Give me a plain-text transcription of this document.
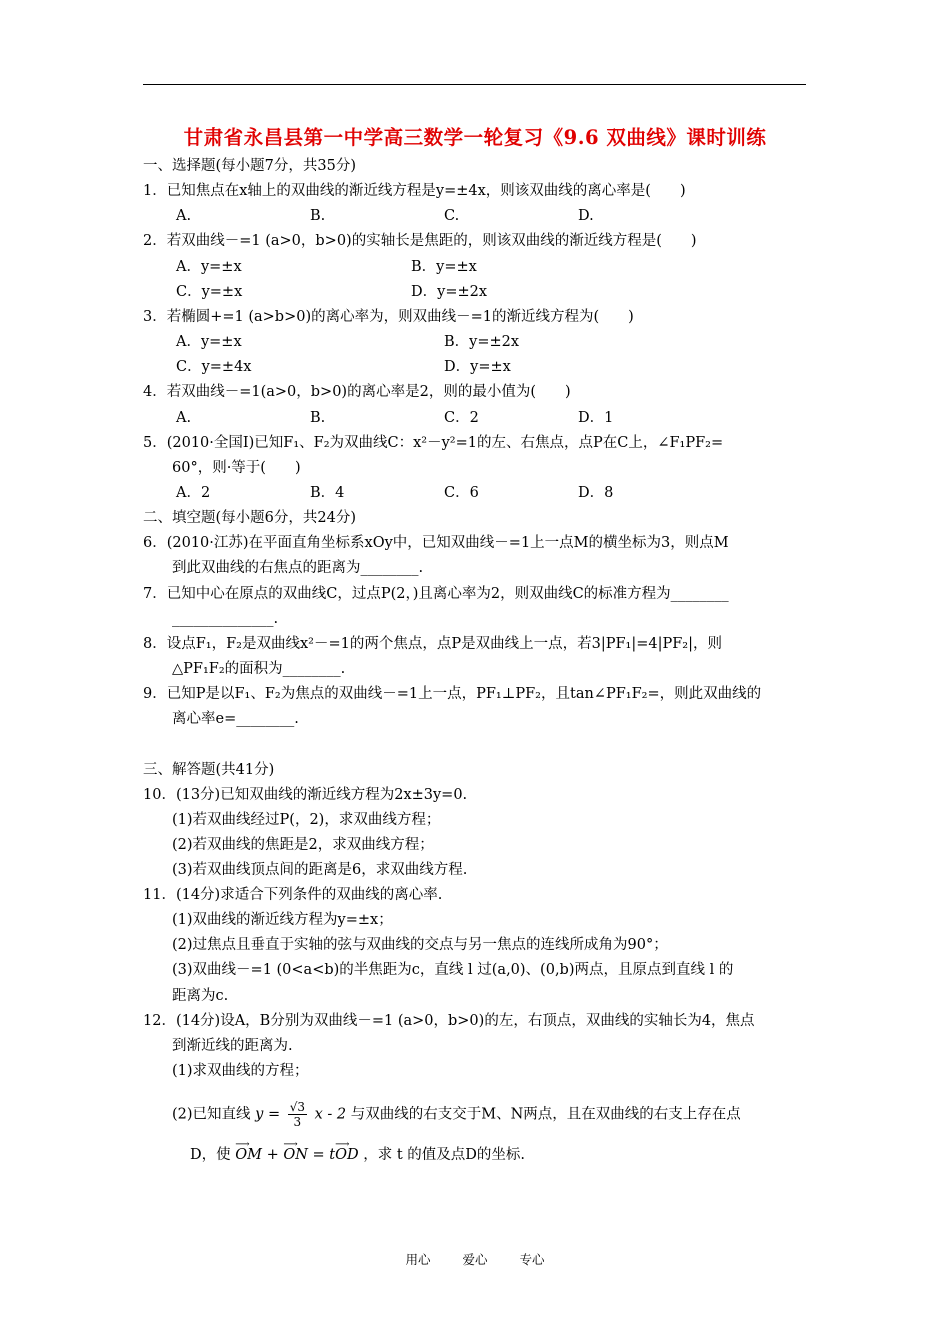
甘肃省永昌县第一中学高三数学一轮复习《9.6 双曲线》课时训练
一、选择题(每小题7分，共35分)
1．已知焦点在x轴上的双曲线的渐近线方程是y=±4x，则该双曲线的离心率是(　　)
A.	B.	C.	D.
2．若双曲线－=1 (a>0，b>0)的实轴长是焦距的，则该双曲线的渐近线方程是(　　)
A．y=±x	B．y=±x
C．y=±x	D．y=±2x
3．若椭圆+=1 (a>b>0)的离心率为，则双曲线－=1的渐近线方程为(　　)
A．y=±x	B．y=±2x
C．y=±4x	D．y=±x
4．若双曲线－=1(a>0，b>0)的离心率是2，则的最小值为(　　)
A.	B.	C．2	D．1
5．(2010·全国Ⅰ)已知F₁、F₂为双曲线C：x²－y²=1的左、右焦点，点P在C上，∠F₁PF₂=
60°，则·等于(　　)
A．2	B．4	C．6	D．8
二、填空题(每小题6分，共24分)
6．(2010·江苏)在平面直角坐标系xOy中，已知双曲线－=1上一点M的横坐标为3，则点M
到此双曲线的右焦点的距离为________.
7．已知中心在原点的双曲线C，过点P(2，)且离心率为2，则双曲线C的标准方程为________
______________.
8．设点F₁，F₂是双曲线x²－=1的两个焦点，点P是双曲线上一点，若3|PF₁|=4|PF₂|，则
△PF₁F₂的面积为________.
9．已知P是以F₁、F₂为焦点的双曲线－=1上一点，PF₁⊥PF₂，且tan∠PF₁F₂=，则此双曲线的
离心率e=________.
三、解答题(共41分)
10．(13分)已知双曲线的渐近线方程为2x±3y=0.
(1)若双曲线经过P(，2)，求双曲线方程；
(2)若双曲线的焦距是2，求双曲线方程；
(3)若双曲线顶点间的距离是6，求双曲线方程.
11．(14分)求适合下列条件的双曲线的离心率.
(1)双曲线的渐近线方程为y=±x；
(2)过焦点且垂直于实轴的弦与双曲线的交点与另一焦点的连线所成角为90°；
(3)双曲线－=1 (0<a<b)的半焦距为c，直线 l 过(a,0)、(0,b)两点，且原点到直线 l 的
距离为c.
12．(14分)设A，B分别为双曲线－=1 (a>0，b>0)的左，右顶点，双曲线的实轴长为4，焦点
到渐近线的距离为.
(1)求双曲线的方程；
(2)已知直线 $y = \frac{√3}{3}$ x - 2 与双曲线的右支交于M、N两点，且在双曲线的右支上存在点
D，使 ⟶ OM + ⟶ ON = t⟶ OD ，求 t 的值及点D的坐标.
用心 爱心 专心
